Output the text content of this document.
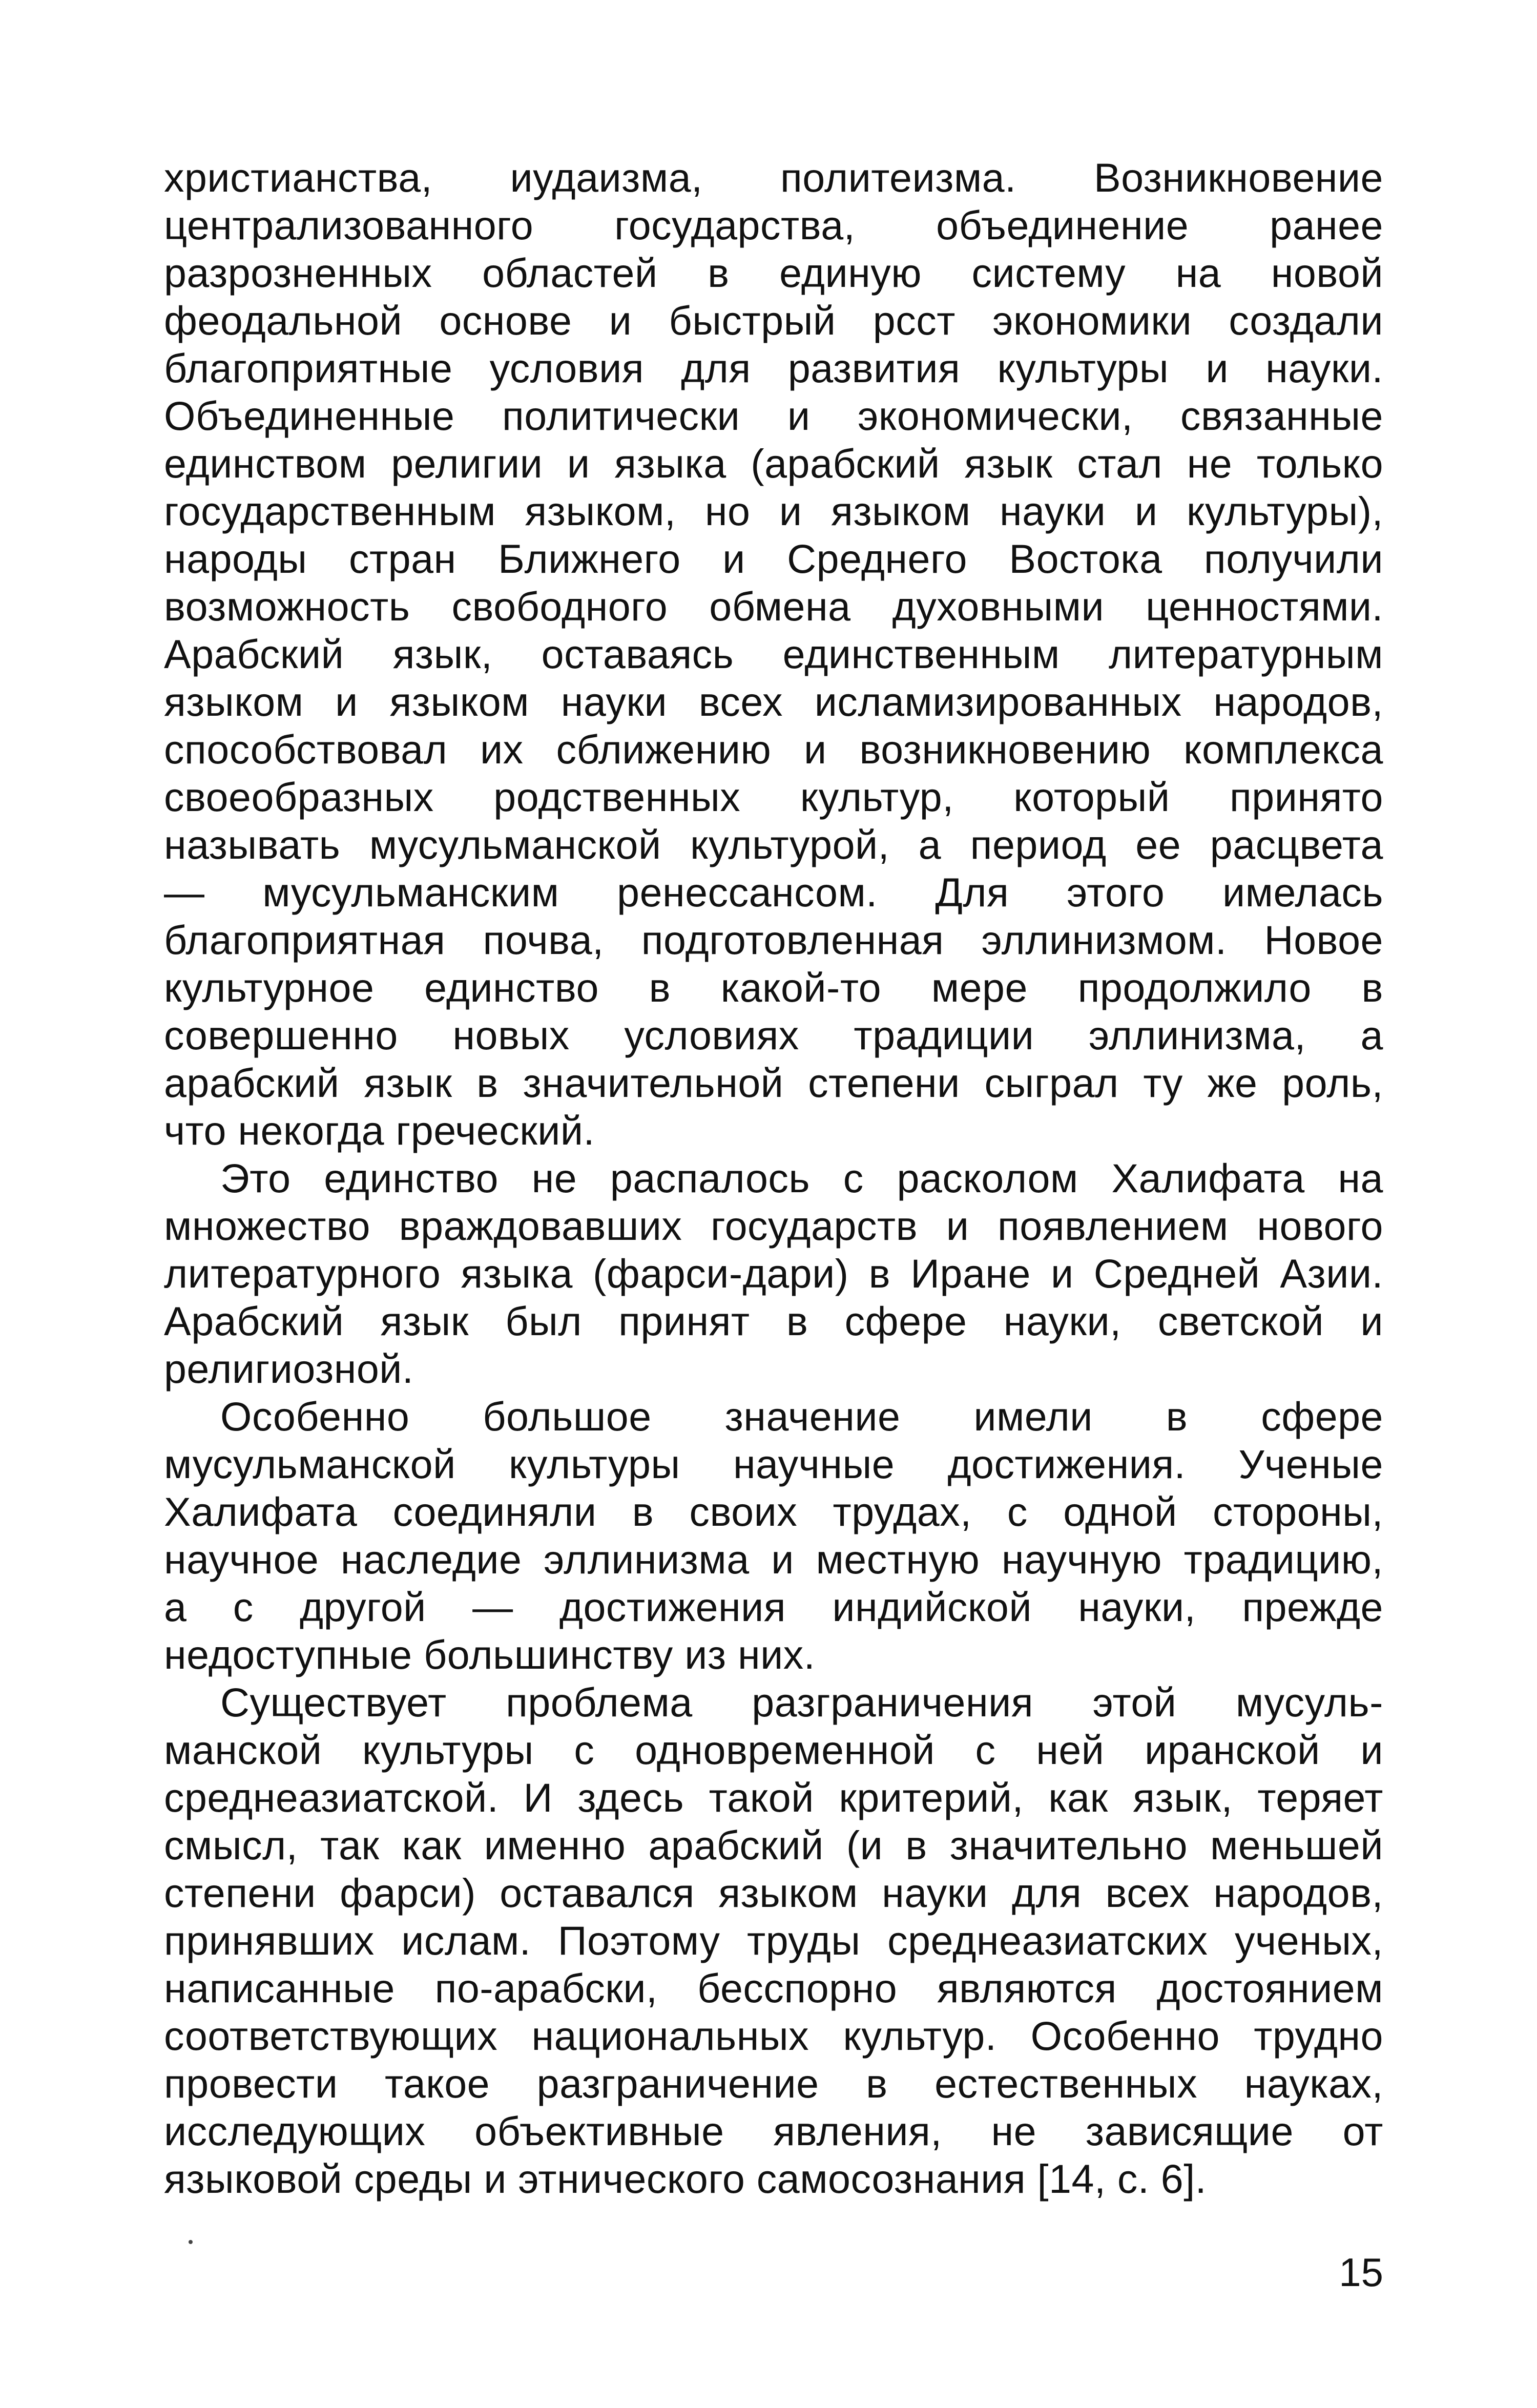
христианства, иудаизма, политеизма. Возникновение
централизованного государства, объединение ранее
разрозненных областей в единую систему на новой
феодальной основе и быстрый рсст экономики создали
благоприятные условия для развития культуры и науки.
Объединенные политически и экономически, связанные
единством религии и языка (арабский язык стал не только
государственным языком, но и языком науки и культуры),
народы стран Ближнего и Среднего Востока получили
возможность свободного обмена духовными ценностями.
Арабский язык, оставаясь единственным литературным
языком и языком науки всех исламизированных народов,
способствовал их сближению и возникновению комплекса
своеобразных родственных культур, который принято
называть мусульманской культурой, а период ее расцвета
— мусульманским ренессансом. Для этого имелась
благоприятная почва, подготовленная эллинизмом. Новое
культурное единство в какой-то мере продолжило в
совершенно новых условиях традиции эллинизма, а
арабский язык в значительной степени сыграл ту же роль,
что некогда греческий.
Это единство не распалось с расколом Халифата на
множество враждовавших государств и появлением нового
литературного языка (фарси-дари) в Иране и Средней Азии.
Арабский язык был принят в сфере науки, светской и
религиозной.
Особенно большое значение имели в сфере
мусульманской культуры научные достижения. Ученые
Халифата соединяли в своих трудах, с одной стороны,
научное наследие эллинизма и местную научную традицию,
а с другой — достижения индийской науки, прежде
недоступные большинству из них.
Существует проблема разграничения этой мусуль-
манской культуры с одновременной с ней иранской и
среднеазиатской. И здесь такой критерий, как язык, теряет
смысл, так как именно арабский (и в значительно меньшей
степени фарси) оставался языком науки для всех народов,
принявших ислам. Поэтому труды среднеазиатских ученых,
написанные по-арабски, бесспорно являются достоянием
соответствующих национальных культур. Особенно трудно
провести такое разграничение в естественных науках,
исследующих объективные явления, не зависящие от
языковой среды и этнического самосознания [14, с. 6].
15
